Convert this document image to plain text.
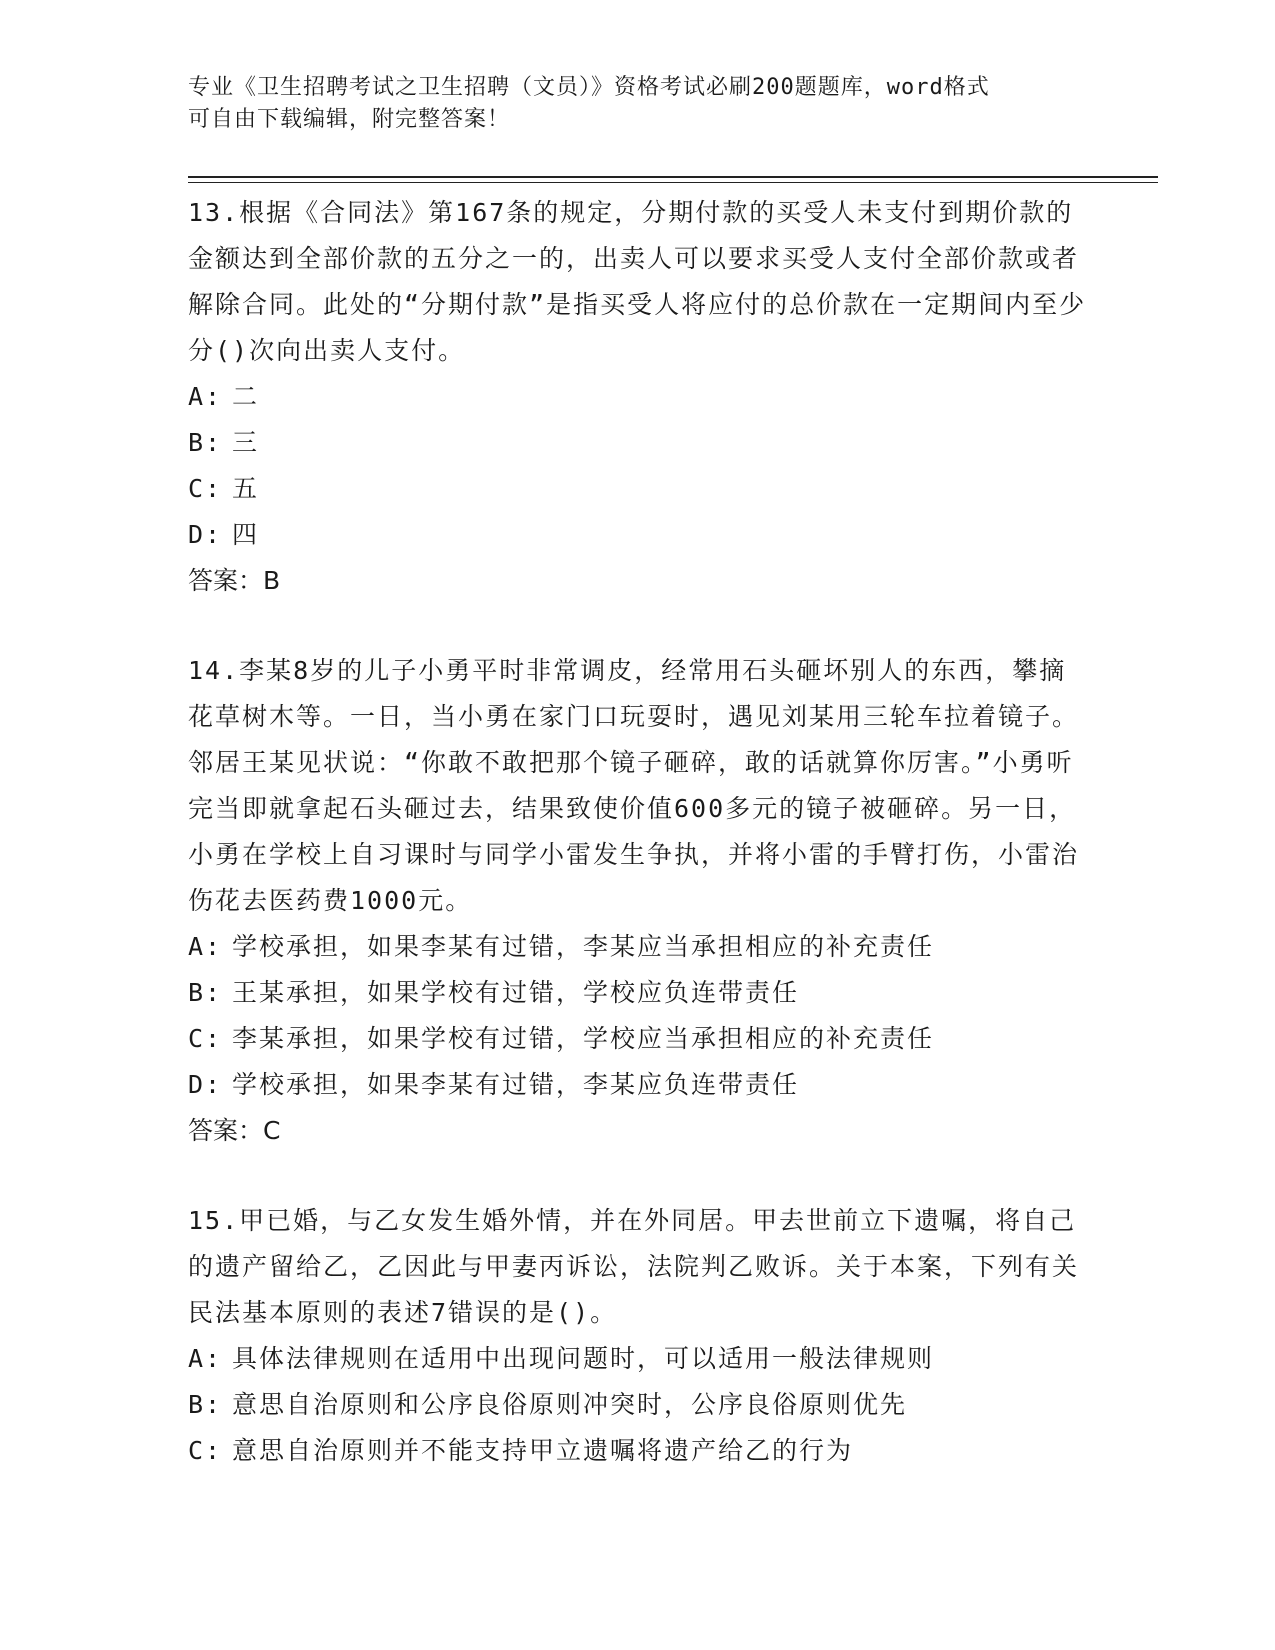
专业《卫生招聘考试之卫生招聘（文员）》资格考试必刷200题题库，word格式
可自由下载编辑，附完整答案！

13.根据《合同法》第167条的规定，分期付款的买受人未支付到期价款的金额达到全部价款的五分之一的，出卖人可以要求买受人支付全部价款或者解除合同。此处的“分期付款”是指买受人将应付的总价款在一定期间内至少分()次向出卖人支付。

A: 二
B: 三
C: 五
D: 四

答案：B

14.李某8岁的儿子小勇平时非常调皮，经常用石头砸坏别人的东西，攀摘花草树木等。一日，当小勇在家门口玩耍时，遇见刘某用三轮车拉着镜子。邻居王某见状说：“你敢不敢把那个镜子砸碎，敢的话就算你厉害。”小勇听完当即就拿起石头砸过去，结果致使价值600多元的镜子被砸碎。另一日，小勇在学校上自习课时与同学小雷发生争执，并将小雷的手臂打伤，小雷治伤花去医药费1000元。

A: 学校承担，如果李某有过错，李某应当承担相应的补充责任
B: 王某承担，如果学校有过错，学校应负连带责任
C: 李某承担，如果学校有过错，学校应当承担相应的补充责任
D: 学校承担，如果李某有过错，李某应负连带责任

答案：C

15.甲已婚，与乙女发生婚外情，并在外同居。甲去世前立下遗嘱，将自己的遗产留给乙，乙因此与甲妻丙诉讼，法院判乙败诉。关于本案，下列有关民法基本原则的表述7错误的是()。

A: 具体法律规则在适用中出现问题时，可以适用一般法律规则
B: 意思自治原则和公序良俗原则冲突时，公序良俗原则优先
C: 意思自治原则并不能支持甲立遗嘱将遗产给乙的行为
